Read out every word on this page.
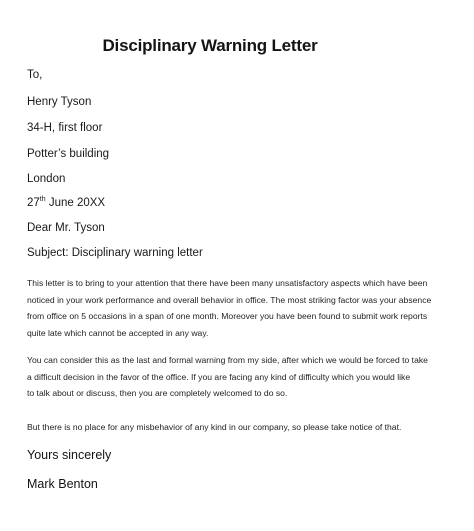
Disciplinary Warning Letter
To,
Henry Tyson
34-H, first floor
Potter’s building
London
27th June 20XX
Dear Mr. Tyson
Subject: Disciplinary warning letter
This letter is to bring to your attention that there have been many unsatisfactory aspects which have been
noticed in your work performance and overall behavior in office. The most striking factor was your absence
from office on 5 occasions in a span of one month. Moreover you have been found to submit work reports
quite late which cannot be accepted in any way.
You can consider this as the last and formal warning from my side, after which we would be forced to take
a difficult decision in the favor of the office. If you are facing any kind of difficulty which you would like
to talk about or discuss, then you are completely welcomed to do so.
But there is no place for any misbehavior of any kind in our company, so please take notice of that.
Yours sincerely
Mark Benton
